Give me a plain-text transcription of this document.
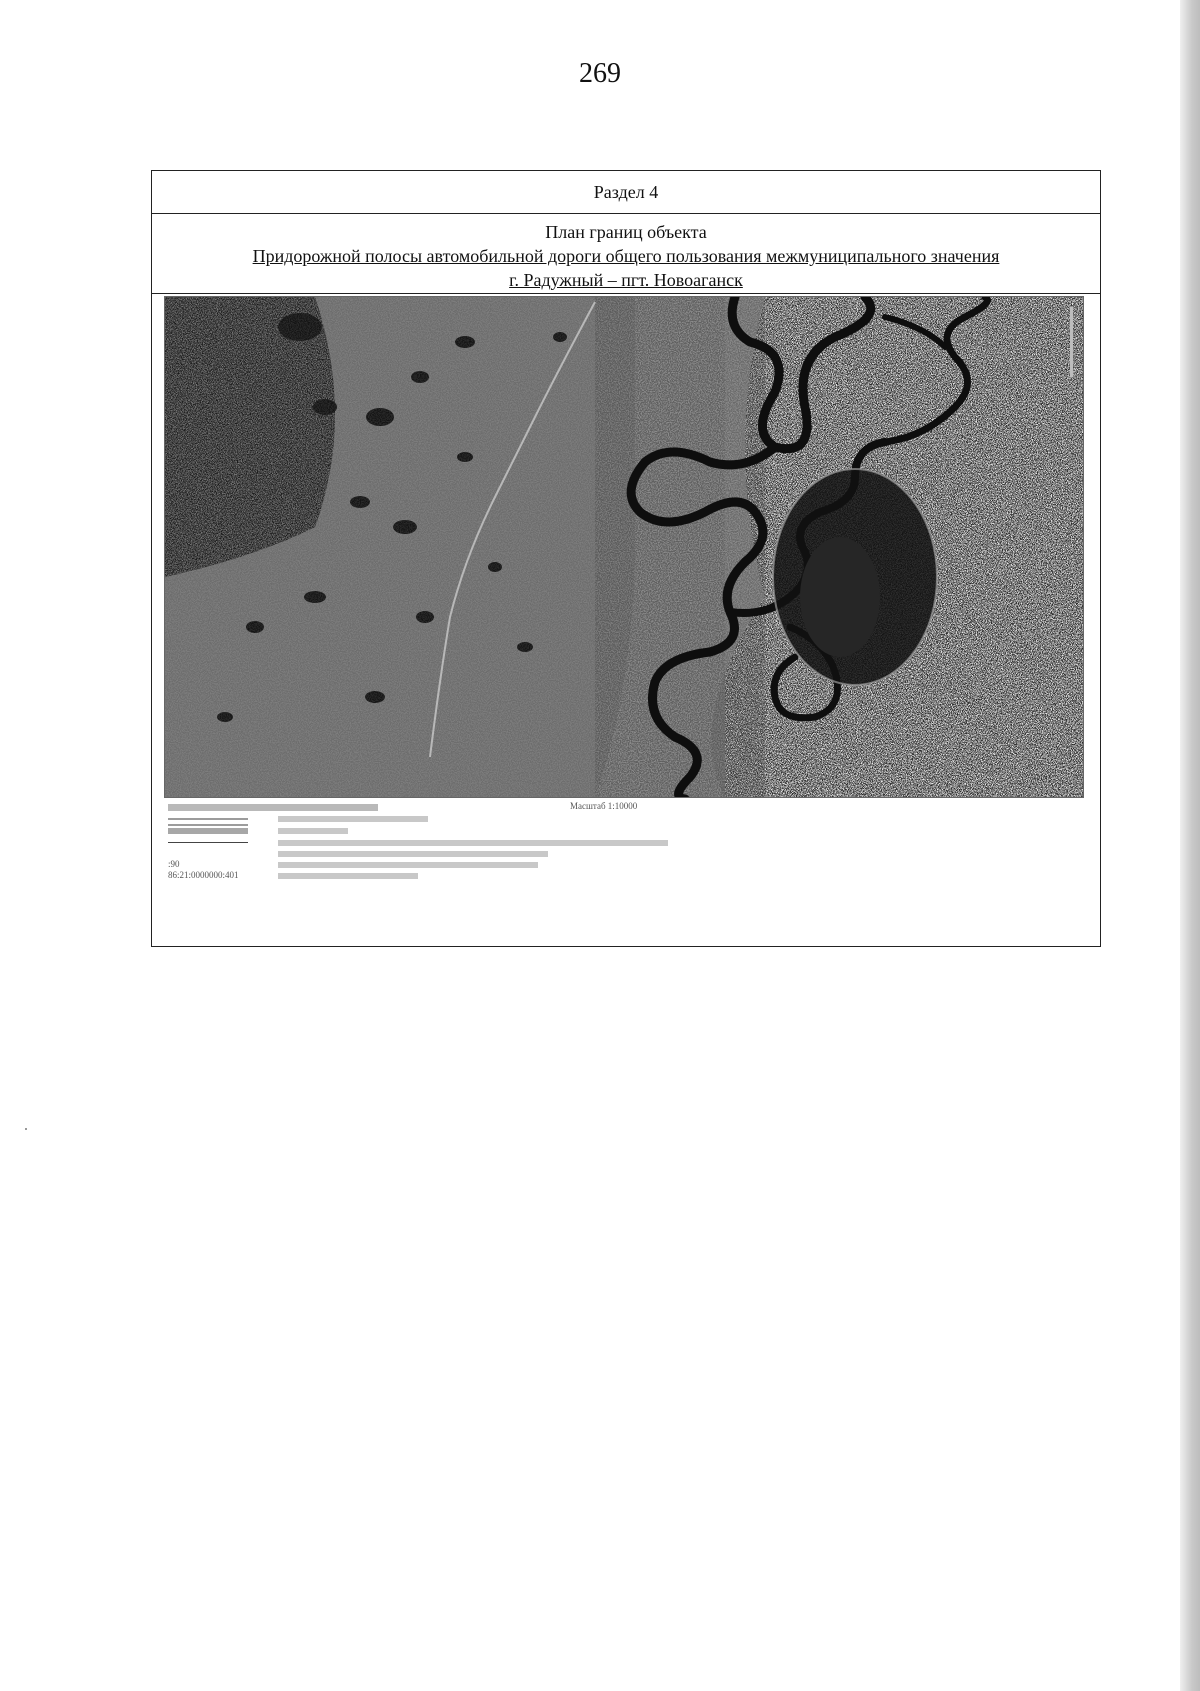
269
Раздел 4
План границ объекта
Придорожной полосы автомобильной дороги общего пользования межмуниципального значения
г. Радужный – пгт. Новоаганск
Масштаб 1:10000
:90
86:21:0000000:401
